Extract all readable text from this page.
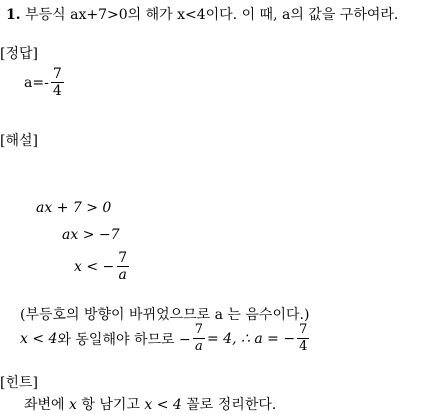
1. 부등식 ax+7>0의 해가 x<4이다. 이 때, a의 값을 구하여라.
[정답]
$a=- \frac{7}{4}$
[해설]
ax + 7 > 0
ax > −7
x < − $\frac{7}{a}$
(부등호의 방향이 바뀌었으므로 a 는 음수이다.)
x < 4 와 동일해야 하므로 − $\frac{7}{a} = 4$, ∴ a = − $\frac{7}{4}$
[힌트]
좌변에 x 항 남기고 x < 4 꼴로 정리한다.
